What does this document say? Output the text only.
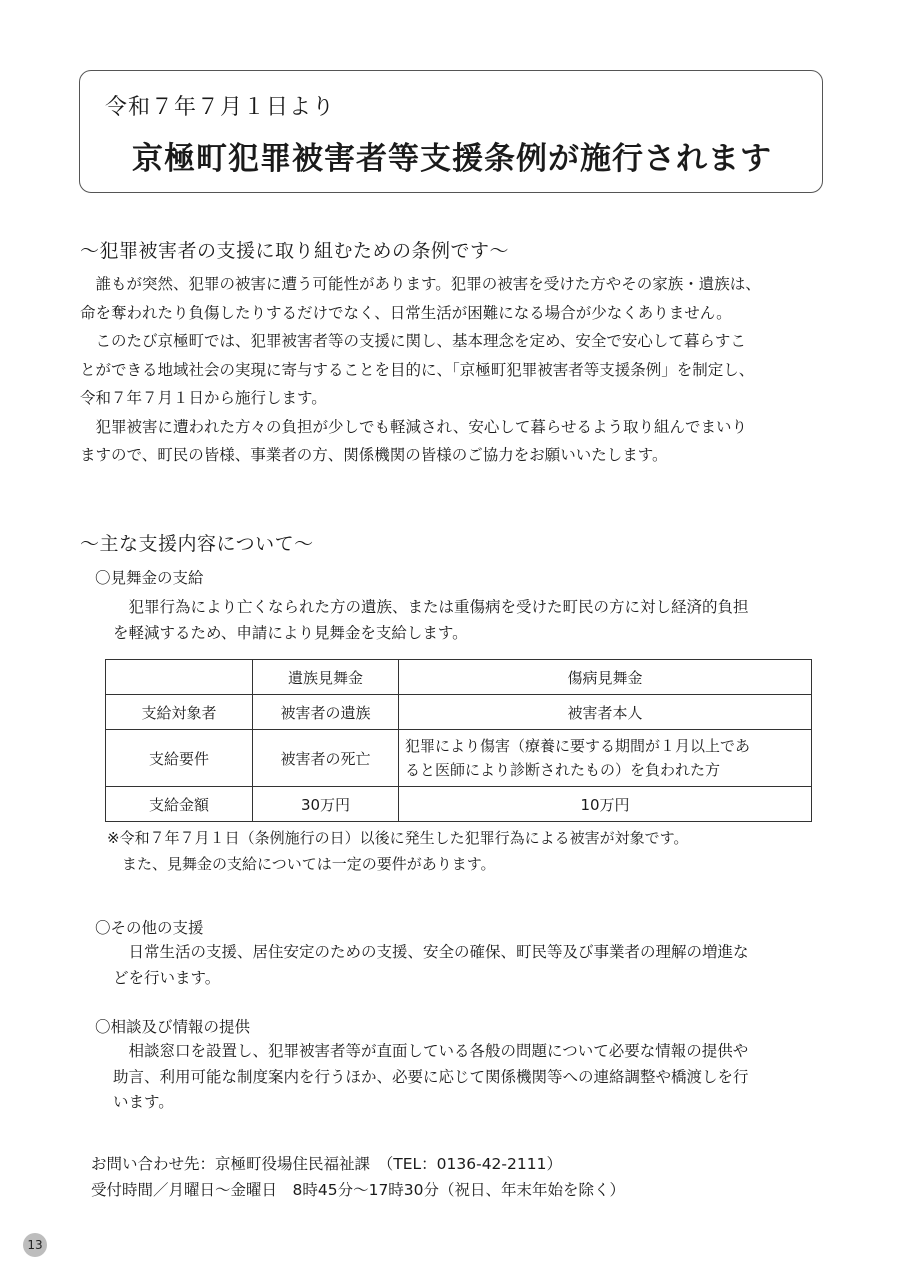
令和７年７月１日より
京極町犯罪被害者等支援条例が施行されます
～犯罪被害者の支援に取り組むための条例です～

誰もが突然、犯罪の被害に遭う可能性があります。犯罪の被害を受けた方やその家族・遺族は、
命を奪われたり負傷したりするだけでなく、日常生活が困難になる場合が少なくありません。

このたび京極町では、犯罪被害者等の支援に関し、基本理念を定め、安全で安心して暮らすこ
とができる地域社会の実現に寄与することを目的に、「京極町犯罪被害者等支援条例」を制定し、
令和７年７月１日から施行します。

犯罪被害に遭われた方々の負担が少しでも軽減され、安心して暮らせるよう取り組んでまいり
ますので、町民の皆様、事業者の方、関係機関の皆様のご協力をお願いいたします。

～主な支援内容について～
〇見舞金の支給

犯罪行為により亡くなられた方の遺族、または重傷病を受けた町民の方に対し経済的負担
を軽減するため、申請により見舞金を支給します。

	遺族見舞金	傷病見舞金
支給対象者	被害者の遺族	被害者本人
支給要件	被害者の死亡	犯罪により傷害（療養に要する期間が１月以上であ
ると医師により診断されたもの）を負われた方
支給金額	30万円	10万円
※令和７年７月１日（条例施行の日）以後に発生した犯罪行為による被害が対象です。
　また、見舞金の支給については一定の要件があります。
〇その他の支援

日常生活の支援、居住安定のための支援、安全の確保、町民等及び事業者の理解の増進な
どを行います。

〇相談及び情報の提供

相談窓口を設置し、犯罪被害者等が直面している各般の問題について必要な情報の提供や
助言、利用可能な制度案内を行うほか、必要に応じて関係機関等への連絡調整や橋渡しを行
います。

お問い合わせ先：京極町役場住民福祉課　（TEL：0136-42-2111）
受付時間／月曜日～金曜日　8時45分～17時30分（祝日、年末年始を除く）
13
